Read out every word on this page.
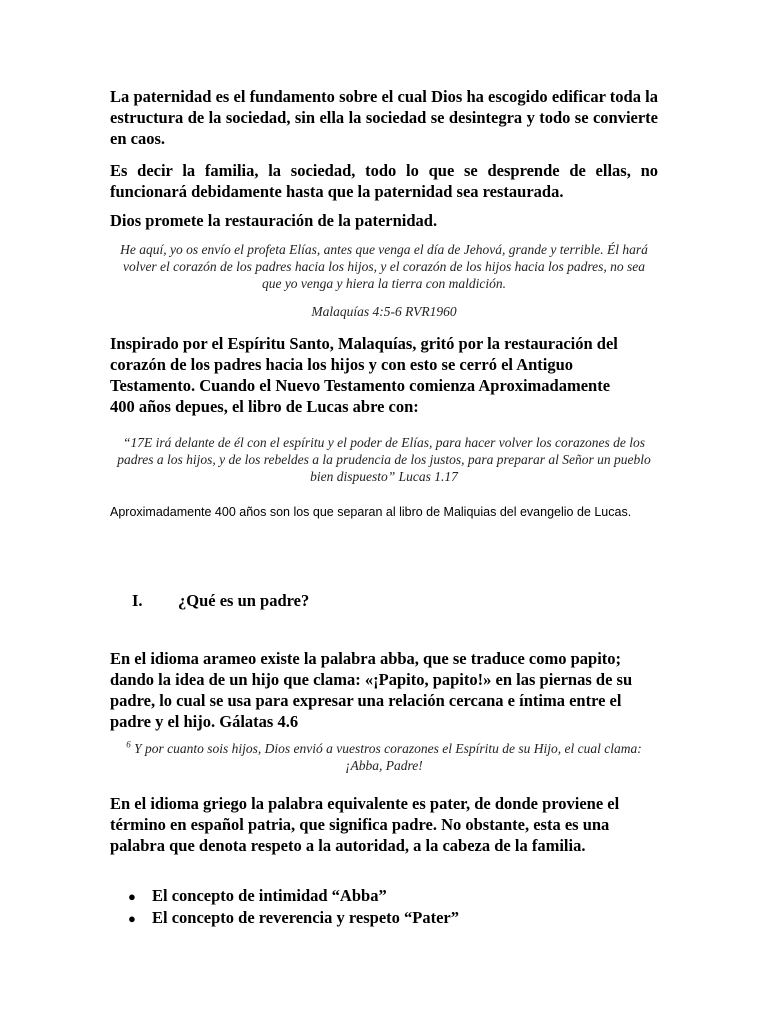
La paternidad es el fundamento sobre el cual Dios ha escogido edificar toda la estructura de la sociedad, sin ella la sociedad se desintegra y todo se convierte en caos.

Es decir la familia, la sociedad, todo lo que se desprende de ellas, no funcionará debidamente hasta que la paternidad sea restaurada.

Dios promete la restauración de la paternidad.

He aquí, yo os envío el profeta Elías, antes que venga el día de Jehová, grande y terrible. Él hará volver el corazón de los padres hacia los hijos, y el corazón de los hijos hacia los padres, no sea que yo venga y hiera la tierra con maldición.

Malaquías 4:5-6 RVR1960

Inspirado por el Espíritu Santo, Malaquías, gritó por la restauración del corazón de los padres hacia los hijos y con esto se cerró el Antiguo Testamento. Cuando el Nuevo Testamento comienza Aproximadamente 400 años depues, el libro de Lucas abre con:

“17E irá delante de él con el espíritu y el poder de Elías, para hacer volver los corazones de los padres a los hijos, y de los rebeldes a la prudencia de los justos, para preparar al Señor un pueblo bien dispuesto” Lucas 1.17

Aproximadamente 400 años son los que separan al libro de Maliquias del evangelio de Lucas.

I.	¿Qué es un padre?

En el idioma arameo existe la palabra abba, que se traduce como papito; dando la idea de un hijo que clama: «¡Papito, papito!» en las piernas de su padre, lo cual se usa para expresar una relación cercana e íntima entre el padre y el hijo. Gálatas 4.6

$^6$ Y por cuanto sois hijos, Dios envió a vuestros corazones el Espíritu de su Hijo, el cual clama: ¡Abba, Padre!

En el idioma griego la palabra equivalente es pater, de donde proviene el término en español patria, que significa padre. No obstante, esta es una palabra que denota respeto a la autoridad, a la cabeza de la familia.

● El concepto de intimidad “Abba”
● El concepto de reverencia y respeto “Pater”
